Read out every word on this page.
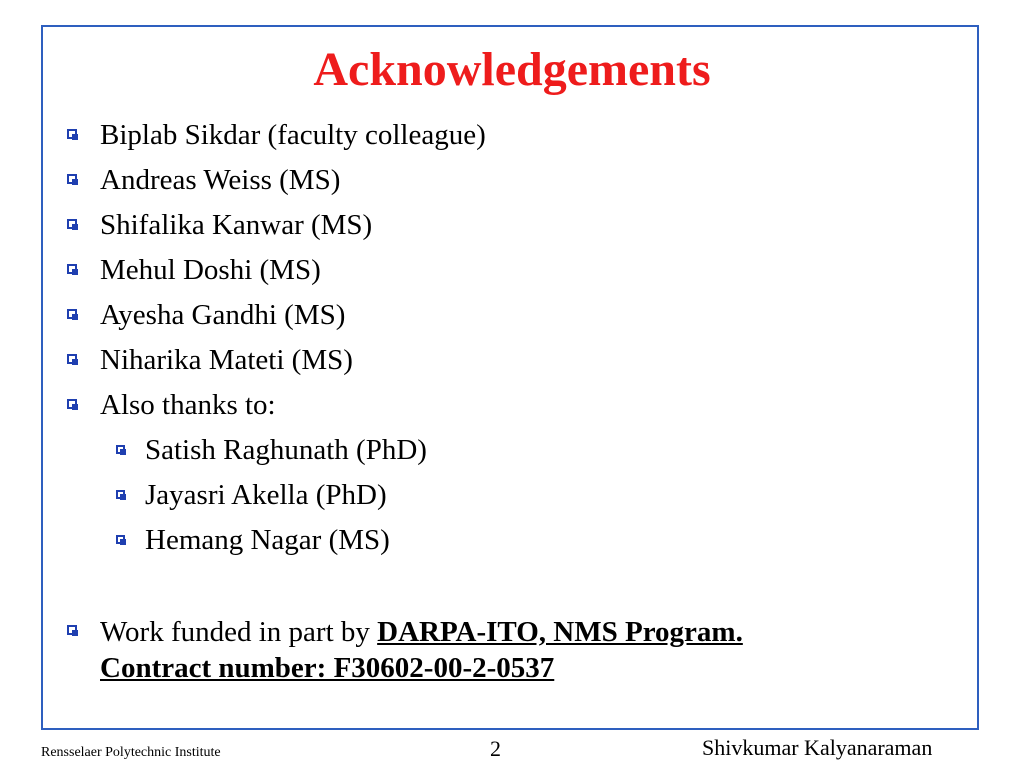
Acknowledgements
Biplab Sikdar (faculty colleague)
Andreas Weiss (MS)
Shifalika Kanwar (MS)
Mehul Doshi (MS)
Ayesha Gandhi (MS)
Niharika Mateti (MS)
Also thanks to:
Satish Raghunath (PhD)
Jayasri Akella (PhD)
Hemang Nagar (MS)
Work funded in part by DARPA-ITO, NMS Program.
Contract number: F30602-00-2-0537
Rensselaer Polytechnic Institute	2	Shivkumar Kalyanaraman
